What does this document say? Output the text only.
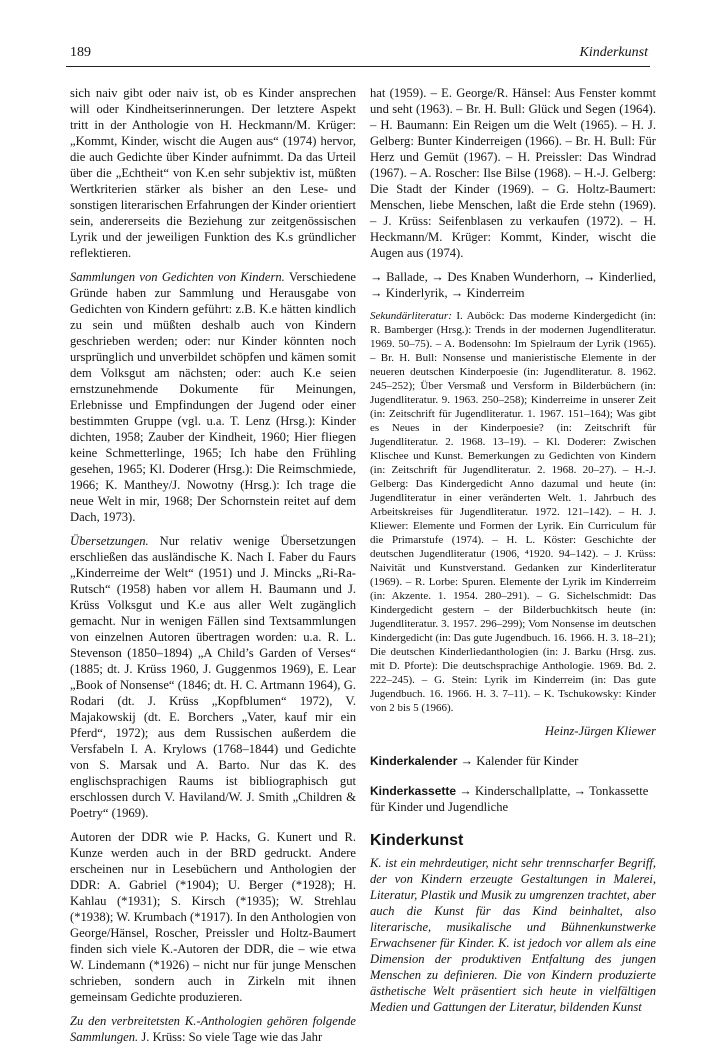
189	Kinderkunst

sich naiv gibt oder naiv ist, ob es Kinder ansprechen will oder Kindheitserinnerungen. Der letztere Aspekt tritt in der Anthologie von H. Heckmann/M. Krüger: „Kommt, Kinder, wischt die Augen aus“ (1974) hervor, die auch Gedichte über Kinder aufnimmt. Da das Urteil über die „Echtheit“ von K.en sehr subjektiv ist, müßten Wertkriterien stärker als bisher an den Lese- und sonstigen literarischen Erfahrungen der Kinder orientiert sein, andererseits die Beziehung zur zeitgenössischen Lyrik und der jeweiligen Funktion des K.s gründlicher reflektieren.

Sammlungen von Gedichten von Kindern. Verschiedene Gründe haben zur Sammlung und Herausgabe von Gedichten von Kindern geführt: z.B. K.e hätten kindlich zu sein und müßten deshalb auch von Kindern geschrieben werden; oder: nur Kinder könnten noch ursprünglich und unverbildet schöpfen und kämen somit dem Volksgut am nächsten; oder: auch K.e seien ernstzunehmende Dokumente für Meinungen, Erlebnisse und Empfindungen der Jugend oder einer bestimmten Gruppe (vgl. u.a. T. Lenz (Hrsg.): Kinder dichten, 1958; Zauber der Kindheit, 1960; Hier fliegen keine Schmetterlinge, 1965; Ich habe den Frühling gesehen, 1965; Kl. Doderer (Hrsg.): Die Reimschmiede, 1966; K. Manthey/J. Nowotny (Hrsg.): Ich trage die neue Welt in mir, 1968; Der Schornstein reitet auf dem Dach, 1973).

Übersetzungen. Nur relativ wenige Übersetzungen erschließen das ausländische K. Nach I. Faber du Faurs „Kinderreime der Welt“ (1951) und J. Mincks „Ri-Ra-Rutsch“ (1958) haben vor allem H. Baumann und J. Krüss Volksgut und K.e aus aller Welt zugänglich gemacht. Nur in wenigen Fällen sind Textsammlungen von einzelnen Autoren übertragen worden: u.a. R. L. Stevenson (1850–1894) „A Child’s Garden of Verses“ (1885; dt. J. Krüss 1960, J. Guggenmos 1969), E. Lear „Book of Nonsense“ (1846; dt. H. C. Artmann 1964), G. Rodari (dt. J. Krüss „Kopfblumen“ 1972), V. Majakowskij (dt. E. Borchers „Vater, kauf mir ein Pferd“, 1972); aus dem Russischen außerdem die Versfabeln I. A. Krylows (1768–1844) und Gedichte von S. Marsak und A. Barto. Nur das K. des englischsprachigen Raums ist bibliographisch gut erschlossen durch V. Haviland/W. J. Smith „Children & Poetry“ (1969).

Autoren der DDR wie P. Hacks, G. Kunert und R. Kunze werden auch in der BRD gedruckt. Andere erscheinen nur in Lesebüchern und Anthologien der DDR: A. Gabriel (*1904); U. Berger (*1928); H. Kahlau (*1931); S. Kirsch (*1935); W. Strehlau (*1938); W. Krumbach (*1917). In den Anthologien von George/Hänsel, Roscher, Preissler und Holtz-Baumert finden sich viele K.-Autoren der DDR, die – wie etwa W. Lindemann (*1926) – nicht nur für junge Menschen schrieben, sondern auch in Zirkeln mit ihnen gemeinsam Gedichte produzieren.

Zu den verbreitetsten K.-Anthologien gehören folgende Sammlungen. J. Krüss: So viele Tage wie das Jahr

hat (1959). – E. George/R. Hänsel: Aus Fenster kommt und seht (1963). – Br. H. Bull: Glück und Segen (1964). – H. Baumann: Ein Reigen um die Welt (1965). – H. J. Gelberg: Bunter Kinderreigen (1966). – Br. H. Bull: Für Herz und Gemüt (1967). – H. Preissler: Das Windrad (1967). – A. Roscher: Ilse Bilse (1968). – H.-J. Gelberg: Die Stadt der Kinder (1969). – G. Holtz-Baumert: Menschen, liebe Menschen, laßt die Erde stehn (1969). – J. Krüss: Seifenblasen zu verkaufen (1972). – H. Heckmann/M. Krüger: Kommt, Kinder, wischt die Augen aus (1974).

→ Ballade, → Des Knaben Wunderhorn, → Kinderlied, → Kinderlyrik, → Kinderreim

Sekundärliteratur: I. Auböck: Das moderne Kindergedicht (in: R. Bamberger (Hrsg.): Trends in der modernen Jugendliteratur. 1969. 50–75). – A. Bodensohn: Im Spielraum der Lyrik (1965). – Br. H. Bull: Nonsense und manieristische Elemente in der neueren deutschen Kinderpoesie (in: Jugendliteratur. 8. 1962. 245–252); Über Versmaß und Versform in Bilderbüchern (in: Jugendliteratur. 9. 1963. 250–258); Kinderreime in unserer Zeit (in: Zeitschrift für Jugendliteratur. 1. 1967. 151–164); Was gibt es Neues in der Kinderpoesie? (in: Zeitschrift für Jugendliteratur. 2. 1968. 13–19). – Kl. Doderer: Zwischen Klischee und Kunst. Bemerkungen zu Gedichten von Kindern (in: Zeitschrift für Jugendliteratur. 2. 1968. 20–27). – H.-J. Gelberg: Das Kindergedicht Anno dazumal und heute (in: Jugendliteratur in einer veränderten Welt. 1. Jahrbuch des Arbeitskreises für Jugendliteratur. 1972. 121–142). – H. J. Kliewer: Elemente und Formen der Lyrik. Ein Curriculum für die Primarstufe (1974). – H. L. Köster: Geschichte der deutschen Jugendliteratur (1906, ⁴1920. 94–142). – J. Krüss: Naivität und Kunstverstand. Gedanken zur Kinderliteratur (1969). – R. Lorbe: Spuren. Elemente der Lyrik im Kinderreim (in: Akzente. 1. 1954. 280–291). – G. Sichelschmidt: Das Kindergedicht gestern – der Bilderbuchkitsch heute (in: Jugendliteratur. 3. 1957. 296–299); Vom Nonsense im deutschen Kindergedicht (in: Das gute Jugendbuch. 16. 1966. H. 3. 18–21); Die deutschen Kinderliedanthologien (in: J. Barku (Hrsg. zus. mit D. Pforte): Die deutschsprachige Anthologie. 1969. Bd. 2. 222–245). – G. Stein: Lyrik im Kinderreim (in: Das gute Jugendbuch. 16. 1966. H. 3. 7–11). – K. Tschukowsky: Kinder von 2 bis 5 (1966).

Heinz-Jürgen Kliewer
Kinderkalender → Kalender für Kinder
Kinderkassette → Kinderschallplatte, → Tonkassette für Kinder und Jugendliche
Kinderkunst

K. ist ein mehrdeutiger, nicht sehr trennscharfer Begriff, der von Kindern erzeugte Gestaltungen in Malerei, Literatur, Plastik und Musik zu umgrenzen trachtet, aber auch die Kunst für das Kind beinhaltet, also literarische, musikalische und Bühnenkunstwerke Erwachsener für Kinder. K. ist jedoch vor allem als eine Dimension der produktiven Entfaltung des jungen Menschen zu definieren. Die von Kindern produzierte ästhetische Welt präsentiert sich heute in vielfältigen Medien und Gattungen der Literatur, bildenden Kunst
